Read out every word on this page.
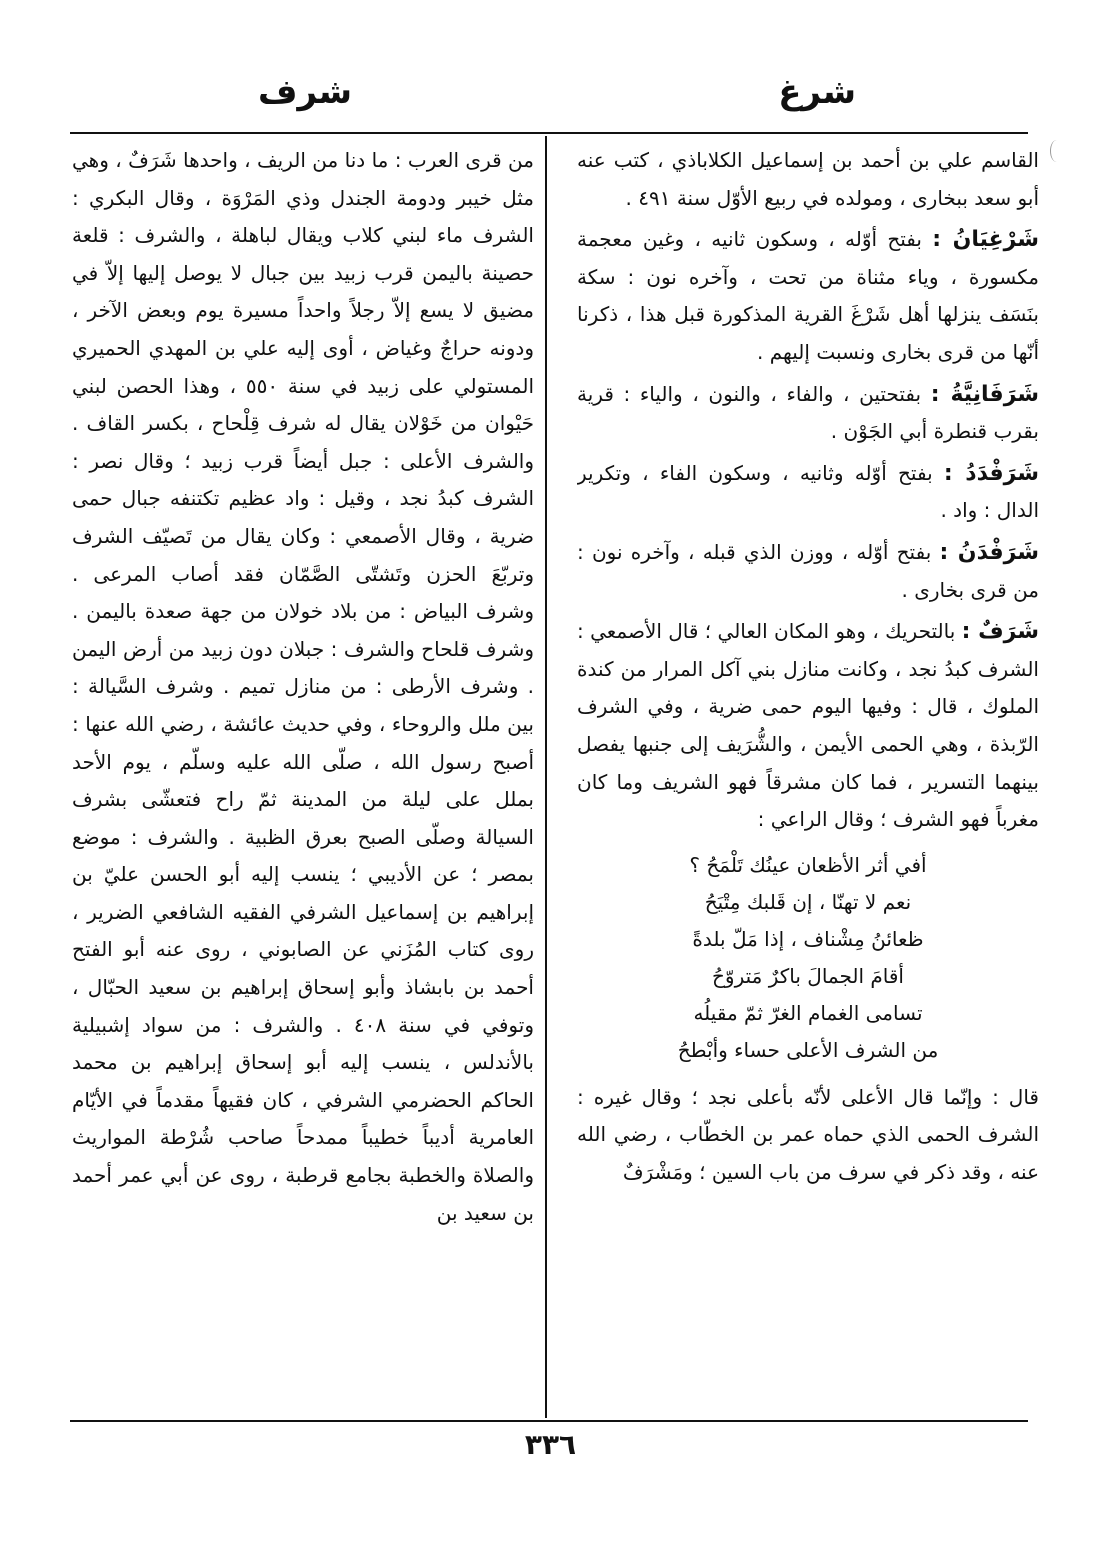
شرغ
شرف

القاسم علي بن أحمد بن إسماعيل الكلاباذي ، كتب عنه أبو سعد ببخارى ، ومولده في ربيع الأوّل سنة ٤٩١ .

شَرْغِيَانُ : بفتح أوّله ، وسكون ثانيه ، وغين معجمة مكسورة ، وياء مثناة من تحت ، وآخره نون : سكة بنَسَف ينزلها أهل شَرْغَ القرية المذكورة قبل هذا ، ذكرنا أنّها من قرى بخارى ونسبت إليهم .

شَرَفَانِيَّةُ : بفتحتين ، والفاء ، والنون ، والياء : قرية بقرب قنطرة أبي الجَوْن .

شَرَفْدَدُ : بفتح أوّله وثانيه ، وسكون الفاء ، وتكرير الدال : واد .

شَرَفْدَنُ : بفتح أوّله ، ووزن الذي قبله ، وآخره نون : من قرى بخارى .

شَرَفٌ : بالتحريك ، وهو المكان العالي ؛ قال الأصمعي : الشرف كبدُ نجد ، وكانت منازل بني آكل المرار من كندة الملوك ، قال : وفيها اليوم حمى ضرية ، وفي الشرف الرّبذة ، وهي الحمى الأيمن ، والشُّرَيف إلى جنبها يفصل بينهما التسرير ، فما كان مشرقاً فهو الشريف وما كان مغرباً فهو الشرف ؛ وقال الراعي :

أفي أثر الأظعان عينُك تَلْمَحُ ؟
نعم لا تهنّا ، إن قَلبك مِتْيَحُ
ظعائنُ مِشْناف ، إذا مَلّ بلدةً
أقامَ الجمالَ باكرٌ مَتروّحُ
تسامى الغمام الغرّ ثمّ مقيلُه
من الشرف الأعلى حساء وأبْطحُ

قال : وإنّما قال الأعلى لأنّه بأعلى نجد ؛ وقال غيره : الشرف الحمى الذي حماه عمر بن الخطّاب ، رضي الله عنه ، وقد ذكر في سرف من باب السين ؛ ومَشْرَفٌ

من قرى العرب : ما دنا من الريف ، واحدها شَرَفٌ ، وهي مثل خيبر ودومة الجندل وذي المَرْوَة ، وقال البكري : الشرف ماء لبني كلاب ويقال لباهلة ، والشرف : قلعة حصينة باليمن قرب زبيد بين جبال لا يوصل إليها إلاّ في مضيق لا يسع إلاّ رجلاً واحداً مسيرة يوم وبعض الآخر ، ودونه حراجٌ وغياض ، أوى إليه علي بن المهدي الحميري المستولي على زبيد في سنة ٥٥٠ ، وهذا الحصن لبني حَيْوان من خَوْلان يقال له شرف قِلْحاح ، بكسر القاف . والشرف الأعلى : جبل أيضاً قرب زبيد ؛ وقال نصر : الشرف كبدُ نجد ، وقيل : واد عظيم تكتنفه جبال حمى ضرية ، وقال الأصمعي : وكان يقال من تَصيّف الشرف وتربّعَ الحزن وتَشتّى الصَّمّان فقد أصاب المرعى . وشرف البياض : من بلاد خولان من جهة صعدة باليمن . وشرف قلحاح والشرف : جبلان دون زبيد من أرض اليمن . وشرف الأرطى : من منازل تميم . وشرف السَّيالة : بين ملل والروحاء ، وفي حديث عائشة ، رضي الله عنها : أصبح رسول الله ، صلّى الله عليه وسلّم ، يوم الأحد بملل على ليلة من المدينة ثمّ راح فتعشّى بشرف السيالة وصلّى الصبح بعرق الظبية . والشرف : موضع بمصر ؛ عن الأديبي ؛ ينسب إليه أبو الحسن عليّ بن إبراهيم بن إسماعيل الشرفي الفقيه الشافعي الضرير ، روى كتاب المُزَني عن الصابوني ، روى عنه أبو الفتح أحمد بن بابشاذ وأبو إسحاق إبراهيم بن سعيد الحبّال ، وتوفي في سنة ٤٠٨ . والشرف : من سواد إشبيلية بالأندلس ، ينسب إليه أبو إسحاق إبراهيم بن محمد الحاكم الحضرمي الشرفي ، كان فقيهاً مقدماً في الأيّام العامرية أديباً خطيباً ممدحاً صاحب شُرْطة المواريث والصلاة والخطبة بجامع قرطبة ، روى عن أبي عمر أحمد بن سعيد بن

٣٣٦
